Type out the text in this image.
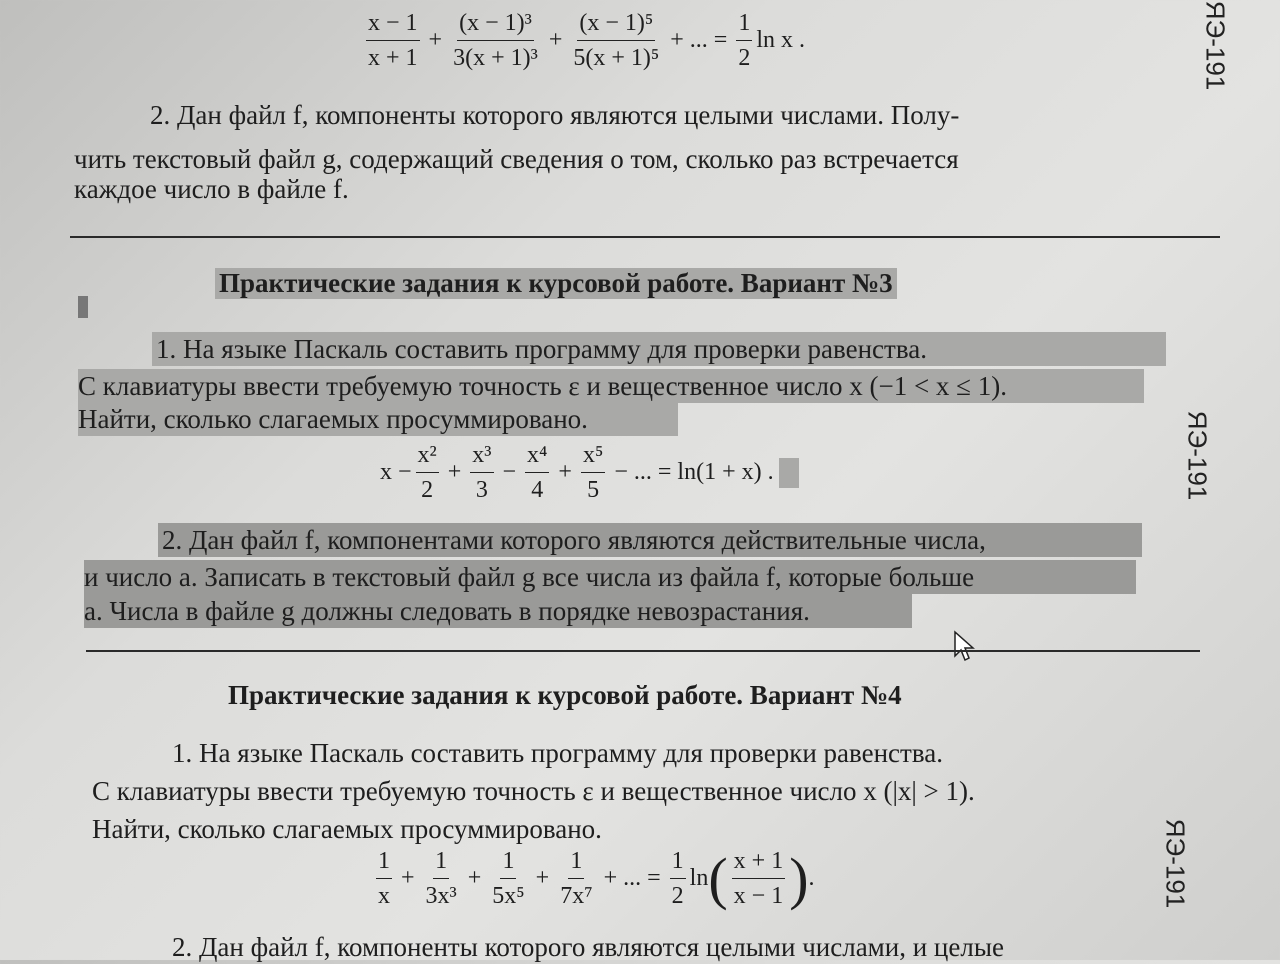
ЯЭ-191
ЯЭ-191
ЯЭ-191
$\frac{x - 1}{x + 1} + \frac{\text{(x − 1)³}}{\text{3(x + 1)³}} + \frac{\text{(x − 1)⁵}}{\text{5(x + 1)⁵}}$ + ... = $\frac{1}{2}$ ln x .
2. Дан файл f, компоненты которого являются целыми числами. Полу-
чить текстовый файл g, содержащий сведения о том, сколько раз встречается
каждое число в файле f.
Практические задания к курсовой работе. Вариант №3
1. На языке Паскаль составить программу для проверки равенства.
С клавиатуры ввести требуемую точность ε и вещественное число x (−1 < x ≤ 1).
Найти, сколько слагаемых просуммировано.
$x - \frac{\text{x²}}{2} + \frac{\text{x³}}{3} - \frac{\text{x⁴}}{4} + \frac{\text{x⁵}}{5}$ − ... = ln(1 + x) .
2. Дан файл f, компонентами которого являются действительные числа,
и число a. Записать в текстовый файл g все числа из файла f, которые больше
a. Числа в файле g должны следовать в порядке невозрастания.
Практические задания к курсовой работе. Вариант №4
1. На языке Паскаль составить программу для проверки равенства.
С клавиатуры ввести требуемую точность ε и вещественное число x (|x| > 1).
Найти, сколько слагаемых просуммировано.
$\frac{1}{x} + \frac{1}{\text{3x³}} + \frac{1}{\text{5x⁵}} + \frac{1}{\text{7x⁷}}$ + ... = $\frac{1}{2}$ ln ( $\frac{x + 1}{x - 1}$ ) .
2. Дан файл f, компоненты которого являются целыми числами, и целые
